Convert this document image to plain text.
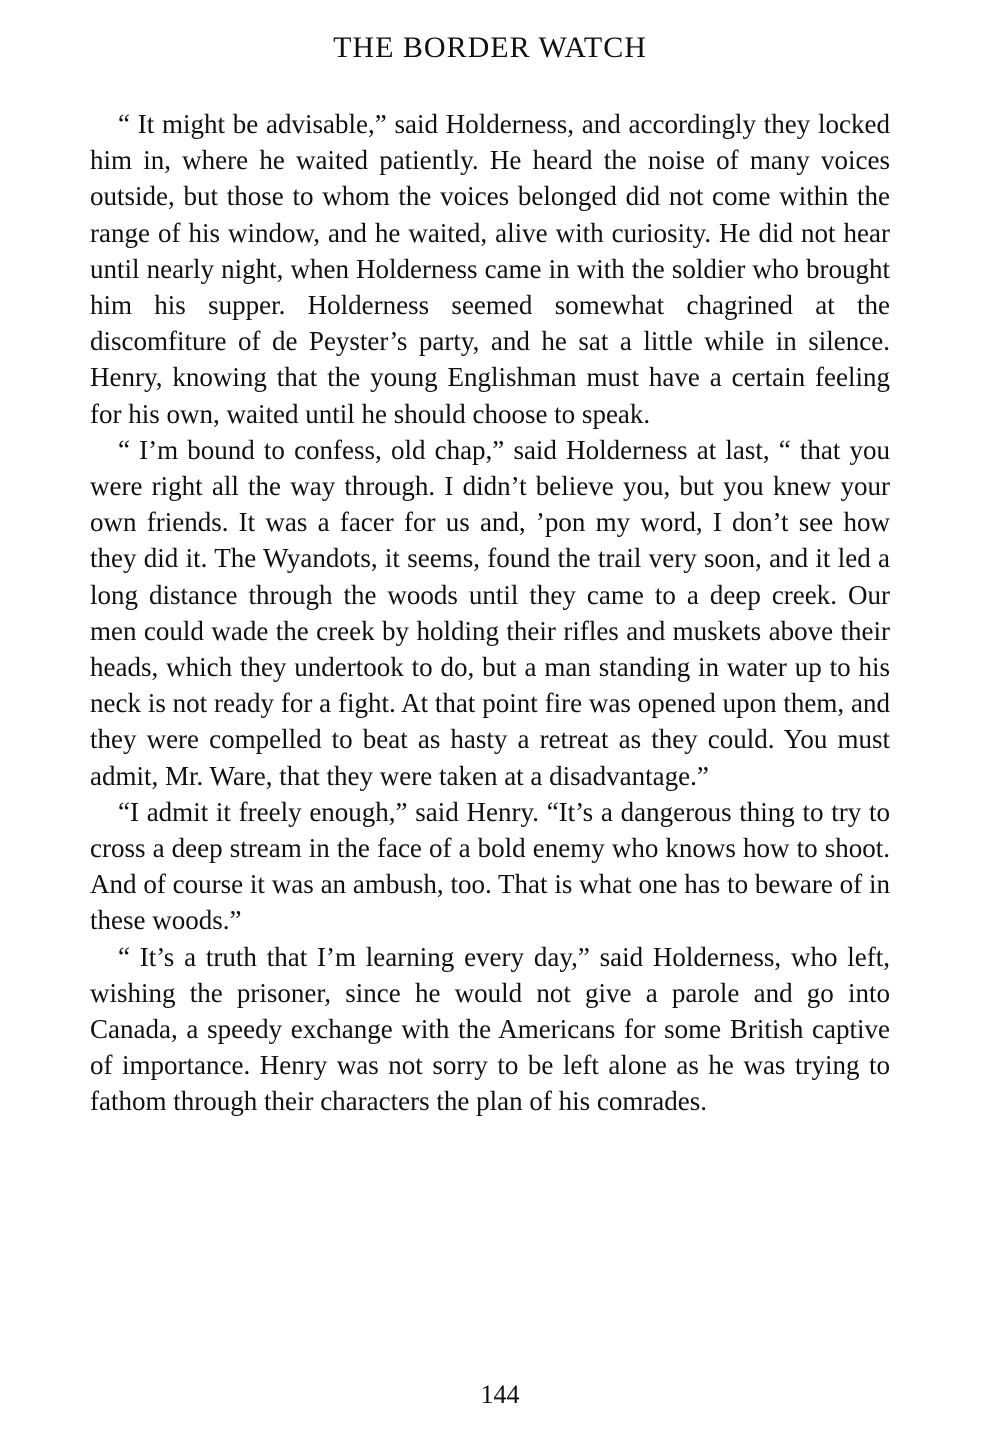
THE BORDER WATCH

“ It might be advisable,” said Holderness, and accordingly they locked him in, where he waited patiently. He heard the noise of many voices outside, but those to whom the voices belonged did not come within the range of his window, and he waited, alive with curiosity. He did not hear until nearly night, when Holderness came in with the soldier who brought him his supper. Holderness seemed somewhat chagrined at the discomfiture of de Peyster’s party, and he sat a little while in silence. Henry, knowing that the young Englishman must have a certain feeling for his own, waited until he should choose to speak.

“ I’m bound to confess, old chap,” said Holderness at last, “ that you were right all the way through. I didn’t believe you, but you knew your own friends. It was a facer for us and, ’pon my word, I don’t see how they did it. The Wyandots, it seems, found the trail very soon, and it led a long distance through the woods until they came to a deep creek. Our men could wade the creek by holding their rifles and muskets above their heads, which they undertook to do, but a man standing in water up to his neck is not ready for a fight. At that point fire was opened upon them, and they were compelled to beat as hasty a retreat as they could. You must admit, Mr. Ware, that they were taken at a disadvantage.”

“I admit it freely enough,” said Henry. “It’s a dangerous thing to try to cross a deep stream in the face of a bold enemy who knows how to shoot. And of course it was an ambush, too. That is what one has to beware of in these woods.”

“ It’s a truth that I’m learning every day,” said Holderness, who left, wishing the prisoner, since he would not give a parole and go into Canada, a speedy exchange with the Americans for some British captive of importance. Henry was not sorry to be left alone as he was trying to fathom through their characters the plan of his comrades.

144
